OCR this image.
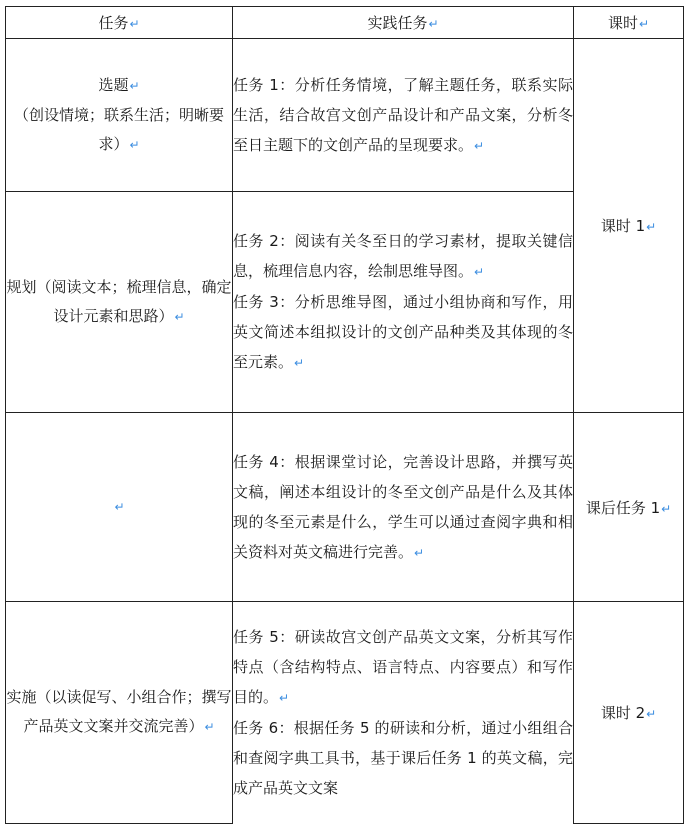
任务↵	实践任务↵	课时↵

选题↵
（创设情境；联系生活；明晰要求）↵	任务 1：分析任务情境，了解主题任务，联系实际生活，结合故宫文创产品设计和产品文案，分析冬至日主题下的文创产品的呈现要求。↵	课时 1↵

规划（阅读文本；梳理信息，确定设计元素和思路）↵	任务 2：阅读有关冬至日的学习素材，提取关键信息，梳理信息内容，绘制思维导图。↵
任务 3：分析思维导图，通过小组协商和写作，用英文简述本组拟设计的文创产品种类及其体现的冬至元素。↵	

↵	任务 4：根据课堂讨论，完善设计思路，并撰写英文稿，阐述本组设计的冬至文创产品是什么及其体现的冬至元素是什么，学生可以通过查阅字典和相关资料对英文稿进行完善。↵	课后任务 1↵

实施（以读促写、小组合作；撰写产品英文文案并交流完善）↵	任务 5：研读故宫文创产品英文文案，分析其写作特点（含结构特点、语言特点、内容要点）和写作目的。↵
任务 6：根据任务 5 的研读和分析，通过小组组合和查阅字典工具书，基于课后任务 1 的英文稿，完成产品英文文案	课时 2↵
